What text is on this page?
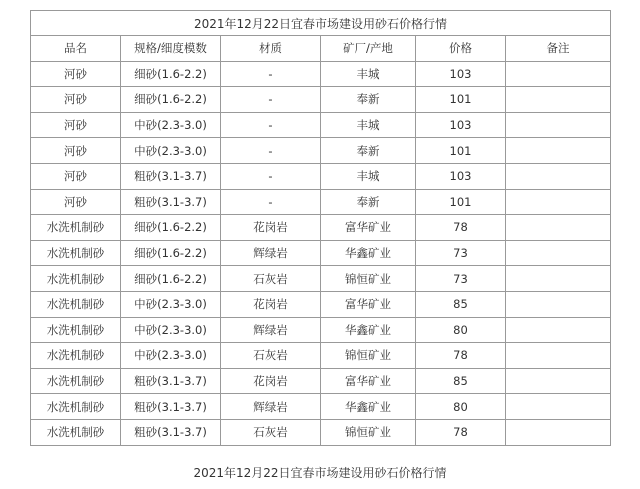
2021年12月22日宜春市场建设用砂石价格行情					
品名	规格/细度模数	材质	矿厂/产地	价格	备注
河砂	细砂(1.6-2.2)	-	丰城	103	
河砂	细砂(1.6-2.2)	-	奉新	101	
河砂	中砂(2.3-3.0)	-	丰城	103	
河砂	中砂(2.3-3.0)	-	奉新	101	
河砂	粗砂(3.1-3.7)	-	丰城	103	
河砂	粗砂(3.1-3.7)	-	奉新	101	
水洗机制砂	细砂(1.6-2.2)	花岗岩	富华矿业	78	
水洗机制砂	细砂(1.6-2.2)	辉绿岩	华鑫矿业	73	
水洗机制砂	细砂(1.6-2.2)	石灰岩	锦恒矿业	73	
水洗机制砂	中砂(2.3-3.0)	花岗岩	富华矿业	85	
水洗机制砂	中砂(2.3-3.0)	辉绿岩	华鑫矿业	80	
水洗机制砂	中砂(2.3-3.0)	石灰岩	锦恒矿业	78	
水洗机制砂	粗砂(3.1-3.7)	花岗岩	富华矿业	85	
水洗机制砂	粗砂(3.1-3.7)	辉绿岩	华鑫矿业	80	
水洗机制砂	粗砂(3.1-3.7)	石灰岩	锦恒矿业	78	
2021年12月22日宜春市场建设用砂石价格行情
